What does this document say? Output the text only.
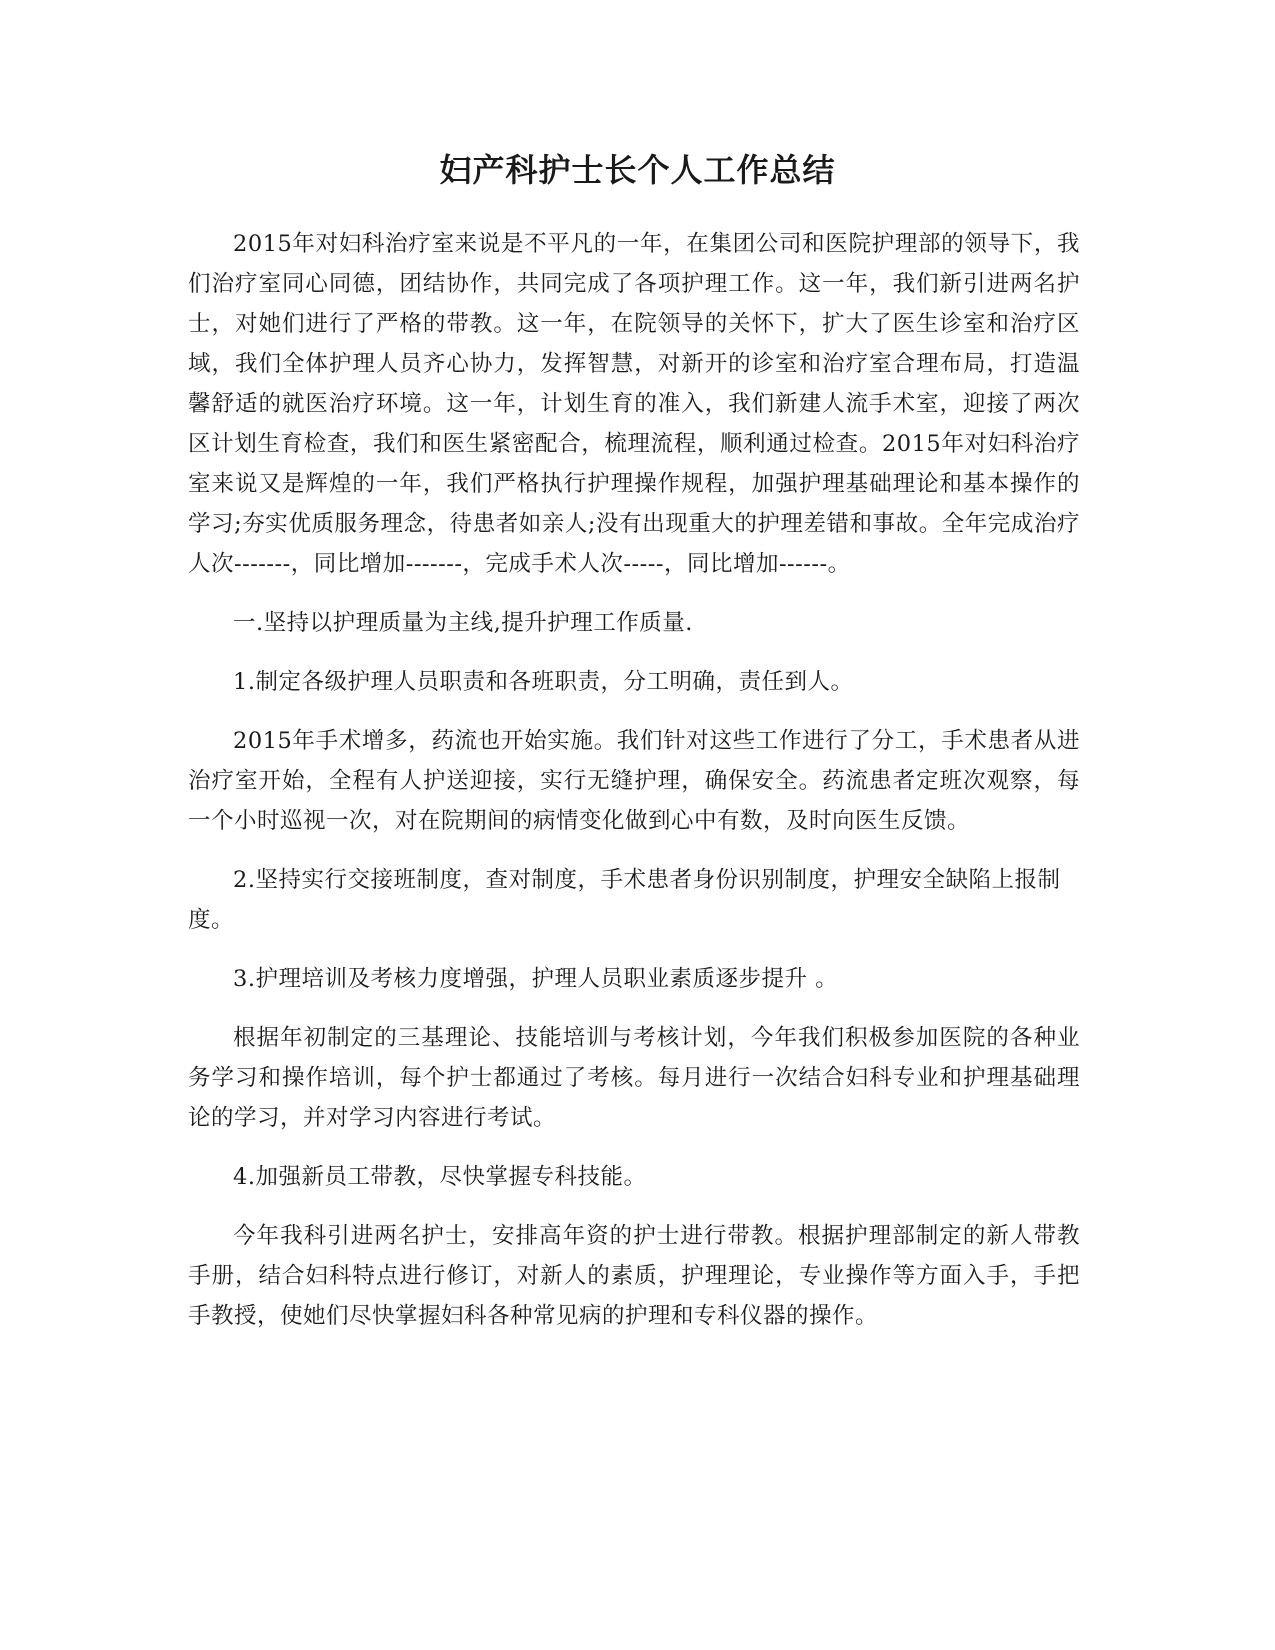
妇产科护士长个人工作总结

2015年对妇科治疗室来说是不平凡的一年，在集团公司和医院护理部的领导下，我们治疗室同心同德，团结协作，共同完成了各项护理工作。这一年，我们新引进两名护士，对她们进行了严格的带教。这一年，在院领导的关怀下，扩大了医生诊室和治疗区域，我们全体护理人员齐心协力，发挥智慧，对新开的诊室和治疗室合理布局，打造温馨舒适的就医治疗环境。这一年，计划生育的准入，我们新建人流手术室，迎接了两次区计划生育检查，我们和医生紧密配合，梳理流程，顺利通过检查。2015年对妇科治疗室来说又是辉煌的一年，我们严格执行护理操作规程，加强护理基础理论和基本操作的学习;夯实优质服务理念，待患者如亲人;没有出现重大的护理差错和事故。全年完成治疗人次-------，同比增加-------，完成手术人次-----，同比增加------。

一.坚持以护理质量为主线,提升护理工作质量.

1.制定各级护理人员职责和各班职责，分工明确，责任到人。

2015年手术增多，药流也开始实施。我们针对这些工作进行了分工，手术患者从进治疗室开始，全程有人护送迎接，实行无缝护理，确保安全。药流患者定班次观察，每一个小时巡视一次，对在院期间的病情变化做到心中有数，及时向医生反馈。

2.坚持实行交接班制度，查对制度，手术患者身份识别制度，护理安全缺陷上报制度。

3.护理培训及考核力度增强，护理人员职业素质逐步提升 。

根据年初制定的三基理论、技能培训与考核计划，今年我们积极参加医院的各种业务学习和操作培训，每个护士都通过了考核。每月进行一次结合妇科专业和护理基础理论的学习，并对学习内容进行考试。

4.加强新员工带教，尽快掌握专科技能。

今年我科引进两名护士，安排高年资的护士进行带教。根据护理部制定的新人带教手册，结合妇科特点进行修订，对新人的素质，护理理论，专业操作等方面入手，手把手教授，使她们尽快掌握妇科各种常见病的护理和专科仪器的操作。
